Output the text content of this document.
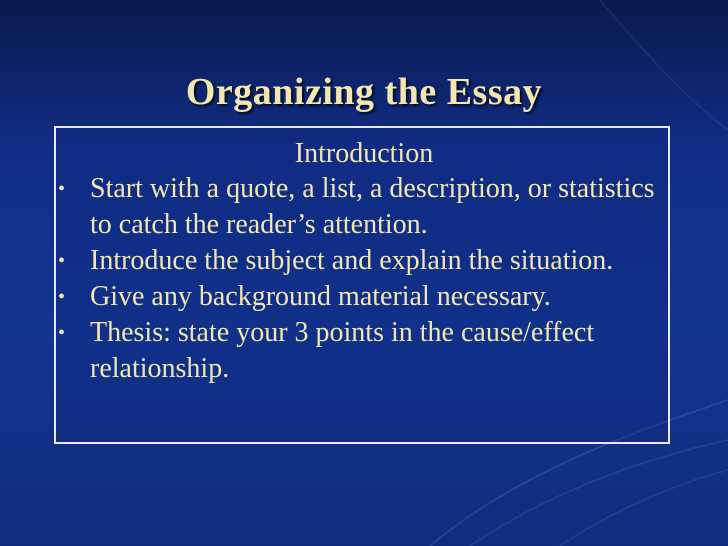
Organizing the Essay
Introduction
• Start with a quote, a list, a description, or statistics to catch the reader’s attention.
• Introduce the subject and explain the situation.
• Give any background material necessary.
• Thesis: state your 3 points in the cause/effect relationship.
